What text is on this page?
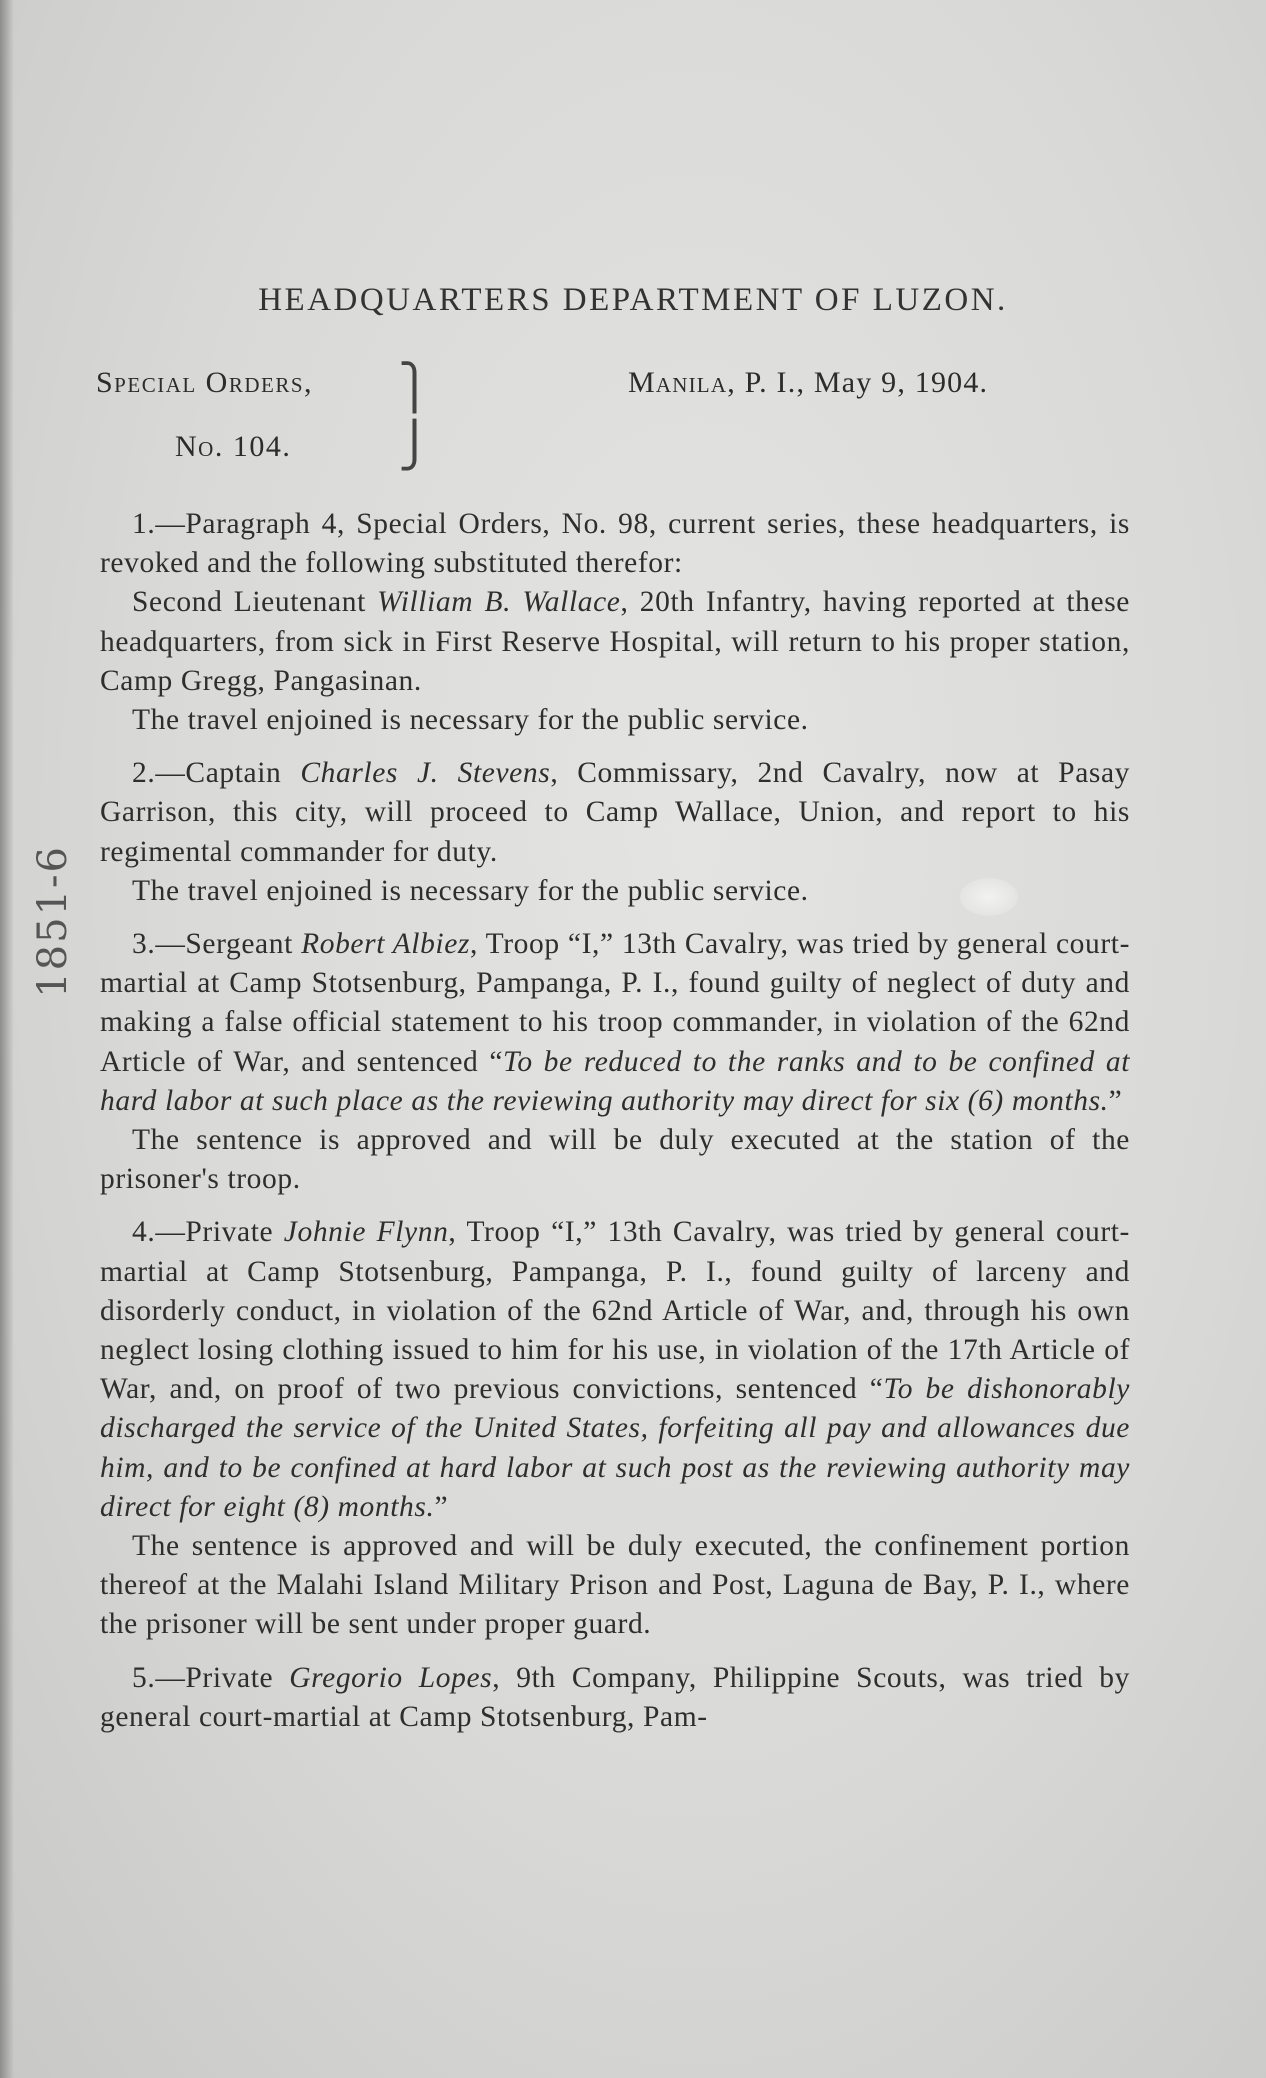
HEADQUARTERS DEPARTMENT OF LUZON.
Special Orders, ⎫
⎭
No. 104.
Manila, P. I., May 9, 1904.
1851-6

1.—Paragraph 4, Special Orders, No. 98, current series, these headquarters, is revoked and the following substituted therefor:

Second Lieutenant William B. Wallace, 20th Infantry, having reported at these headquarters, from sick in First Reserve Hospital, will return to his proper station, Camp Gregg, Pangasinan.

The travel enjoined is necessary for the public service.

2.—Captain Charles J. Stevens, Commissary, 2nd Cavalry, now at Pasay Garrison, this city, will proceed to Camp Wallace, Union, and report to his regimental commander for duty.

The travel enjoined is necessary for the public service.

3.—Sergeant Robert Albiez, Troop “I,” 13th Cavalry, was tried by general court-martial at Camp Stotsenburg, Pampanga, P. I., found guilty of neglect of duty and making a false official statement to his troop commander, in violation of the 62nd Article of War, and sentenced “To be reduced to the ranks and to be confined at hard labor at such place as the reviewing authority may direct for six (6) months.”

The sentence is approved and will be duly executed at the station of the prisoner's troop.

4.—Private Johnie Flynn, Troop “I,” 13th Cavalry, was tried by general court-martial at Camp Stotsenburg, Pampanga, P. I., found guilty of larceny and disorderly conduct, in violation of the 62nd Article of War, and, through his own neglect losing clothing issued to him for his use, in violation of the 17th Article of War, and, on proof of two previous convictions, sentenced “To be dishonorably discharged the service of the United States, forfeiting all pay and allowances due him, and to be confined at hard labor at such post as the reviewing authority may direct for eight (8) months.”

The sentence is approved and will be duly executed, the confinement portion thereof at the Malahi Island Military Prison and Post, Laguna de Bay, P. I., where the prisoner will be sent under proper guard.

5.—Private Gregorio Lopes, 9th Company, Philippine Scouts, was tried by general court-martial at Camp Stotsenburg, Pam-
